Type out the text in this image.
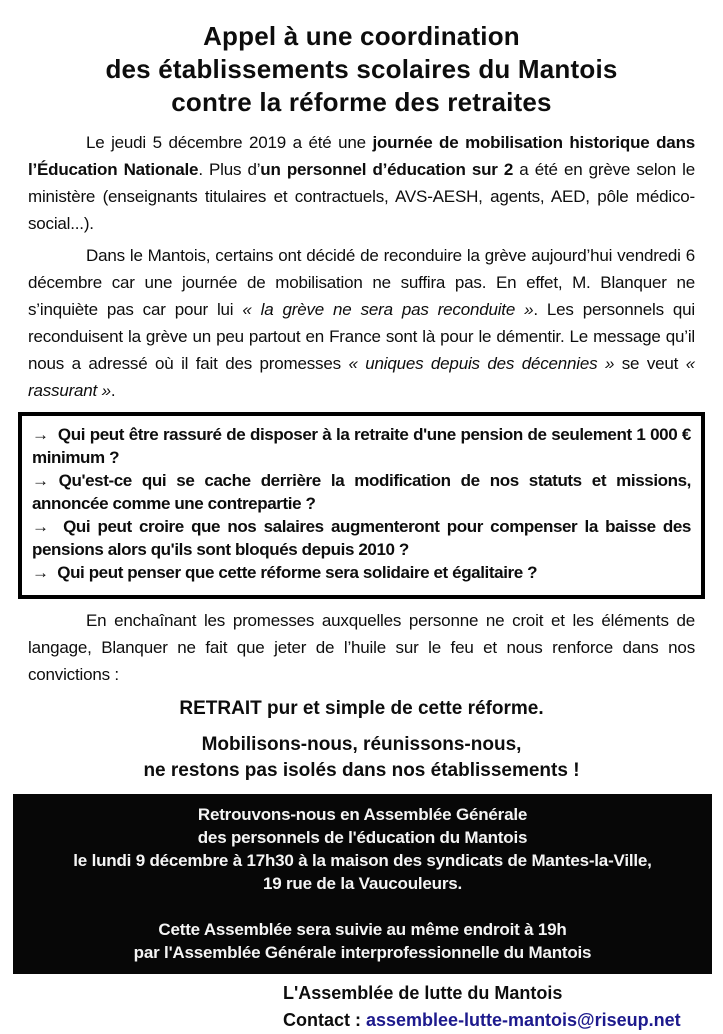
Appel à une coordination
des établissements scolaires du Mantois
contre la réforme des retraites

Le jeudi 5 décembre 2019 a été une journée de mobilisation historique dans l’Éducation Nationale. Plus d’un personnel d’éducation sur 2 a été en grève selon le ministère (enseignants titulaires et contractuels, AVS-AESH, agents, AED, pôle médico-social...).

Dans le Mantois, certains ont décidé de reconduire la grève aujourd’hui vendredi 6 décembre car une journée de mobilisation ne suffira pas. En effet, M. Blanquer ne s’inquiète pas car pour lui « la grève ne sera pas reconduite ». Les personnels qui reconduisent la grève un peu partout en France sont là pour le démentir. Le message qu’il nous a adressé où il fait des promesses « uniques depuis des décennies » se veut « rassurant ».

→  Qui peut être rassuré de disposer à la retraite d'une pension de seulement 1 000 € minimum ?

→ Qu'est-ce qui se cache derrière la modification de nos statuts et missions, annoncée comme une contrepartie ?

→  Qui peut croire que nos salaires augmenteront pour compenser la baisse des pensions alors qu'ils sont bloqués depuis 2010 ?

→  Qui peut penser que cette réforme sera solidaire et égalitaire ?

En enchaînant les promesses auxquelles personne ne croit et les éléments de langage, Blanquer ne fait que jeter de l’huile sur le feu et nous renforce dans nos convictions :

RETRAIT pur et simple de cette réforme.

Mobilisons-nous, réunissons-nous,

ne restons pas isolés dans nos établissements !

Retrouvons-nous en Assemblée Générale

des personnels de l'éducation du Mantois

le lundi 9 décembre à 17h30 à la maison des syndicats de Mantes-la-Ville,

19 rue de la Vaucouleurs.

Cette Assemblée sera suivie au même endroit à 19h

par l'Assemblée Générale interprofessionnelle du Mantois

L'Assemblée de lutte du Mantois

Contact : assemblee-lutte-mantois@riseup.net
